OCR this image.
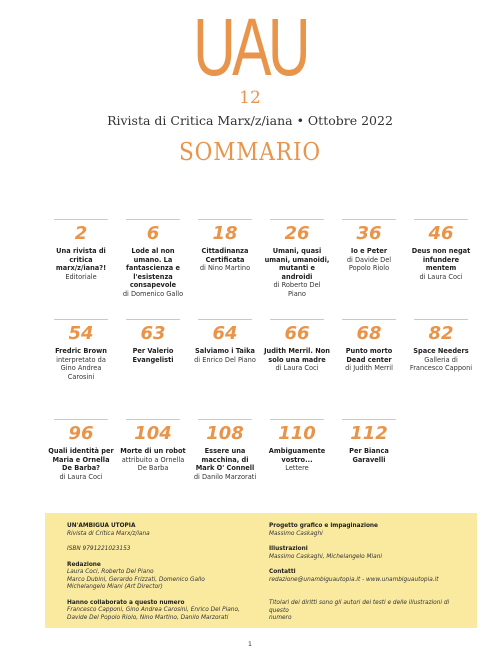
UAU
12
Rivista di Critica Marx/z/iana • Ottobre 2022
SOMMARIO
2
Una rivista di critica marx/z/iana?!
Editoriale
6
Lode al non umano. La fantascienza e l'esistenza consapevole
di Domenico Gallo
18
Cittadinanza Certificata
di Nino Martino
26
Umani, quasi umani, umanoidi, mutanti e androidi
di Roberto Del Piano
36
Io e Peter
di Davide Del Popolo Riolo
46
Deus non negat infundere mentem
di Laura Coci
54
Fredric Brown
interpretato da Gino Andrea Carosini
63
Per Valerio Evangelisti
64
Salviamo i Taika
di Enrico Del Piano
66
Judith Merril. Non solo una madre
di Laura Coci
68
Punto morto Dead center
di Judith Merril
82
Space Needers
Galleria di Francesco Capponi
96
Quali identità per Maria e Ornella De Barba?
di Laura Coci
104
Morte di un robot
attribuito a Ornella De Barba
108
Essere una macchina, di Mark O' Connell
di Danilo Marzorati
110
Ambiguamente vostro...
Lettere
112
Per Bianca Garavelli
UN'AMBIGUA UTOPIA
Rivista di Critica Marx/z/iana
ISBN 9791221023153
Redazione
Laura Coci, Roberto Del Piano
Marco Dubini, Gerardo Frizzati, Domenico Gallo
Michelangelo Miani (Art Director)
Hanno collaborato a questo numero
Francesco Capponi, Gino Andrea Carosini, Enrico Del Piano,
Davide Del Popolo Riolo, Nino Martino, Danilo Marzorati
Progetto grafico e impaginazione
Massimo Caskaghi
Illustrazioni
Massimo Caskaghi, Michelangelo Miani
Contatti
redazione@unambiguautopia.it - www.unambiguautopia.it
Titolari dei diritti sono gli autori dei testi e delle illustrazioni di questo
numero
1
